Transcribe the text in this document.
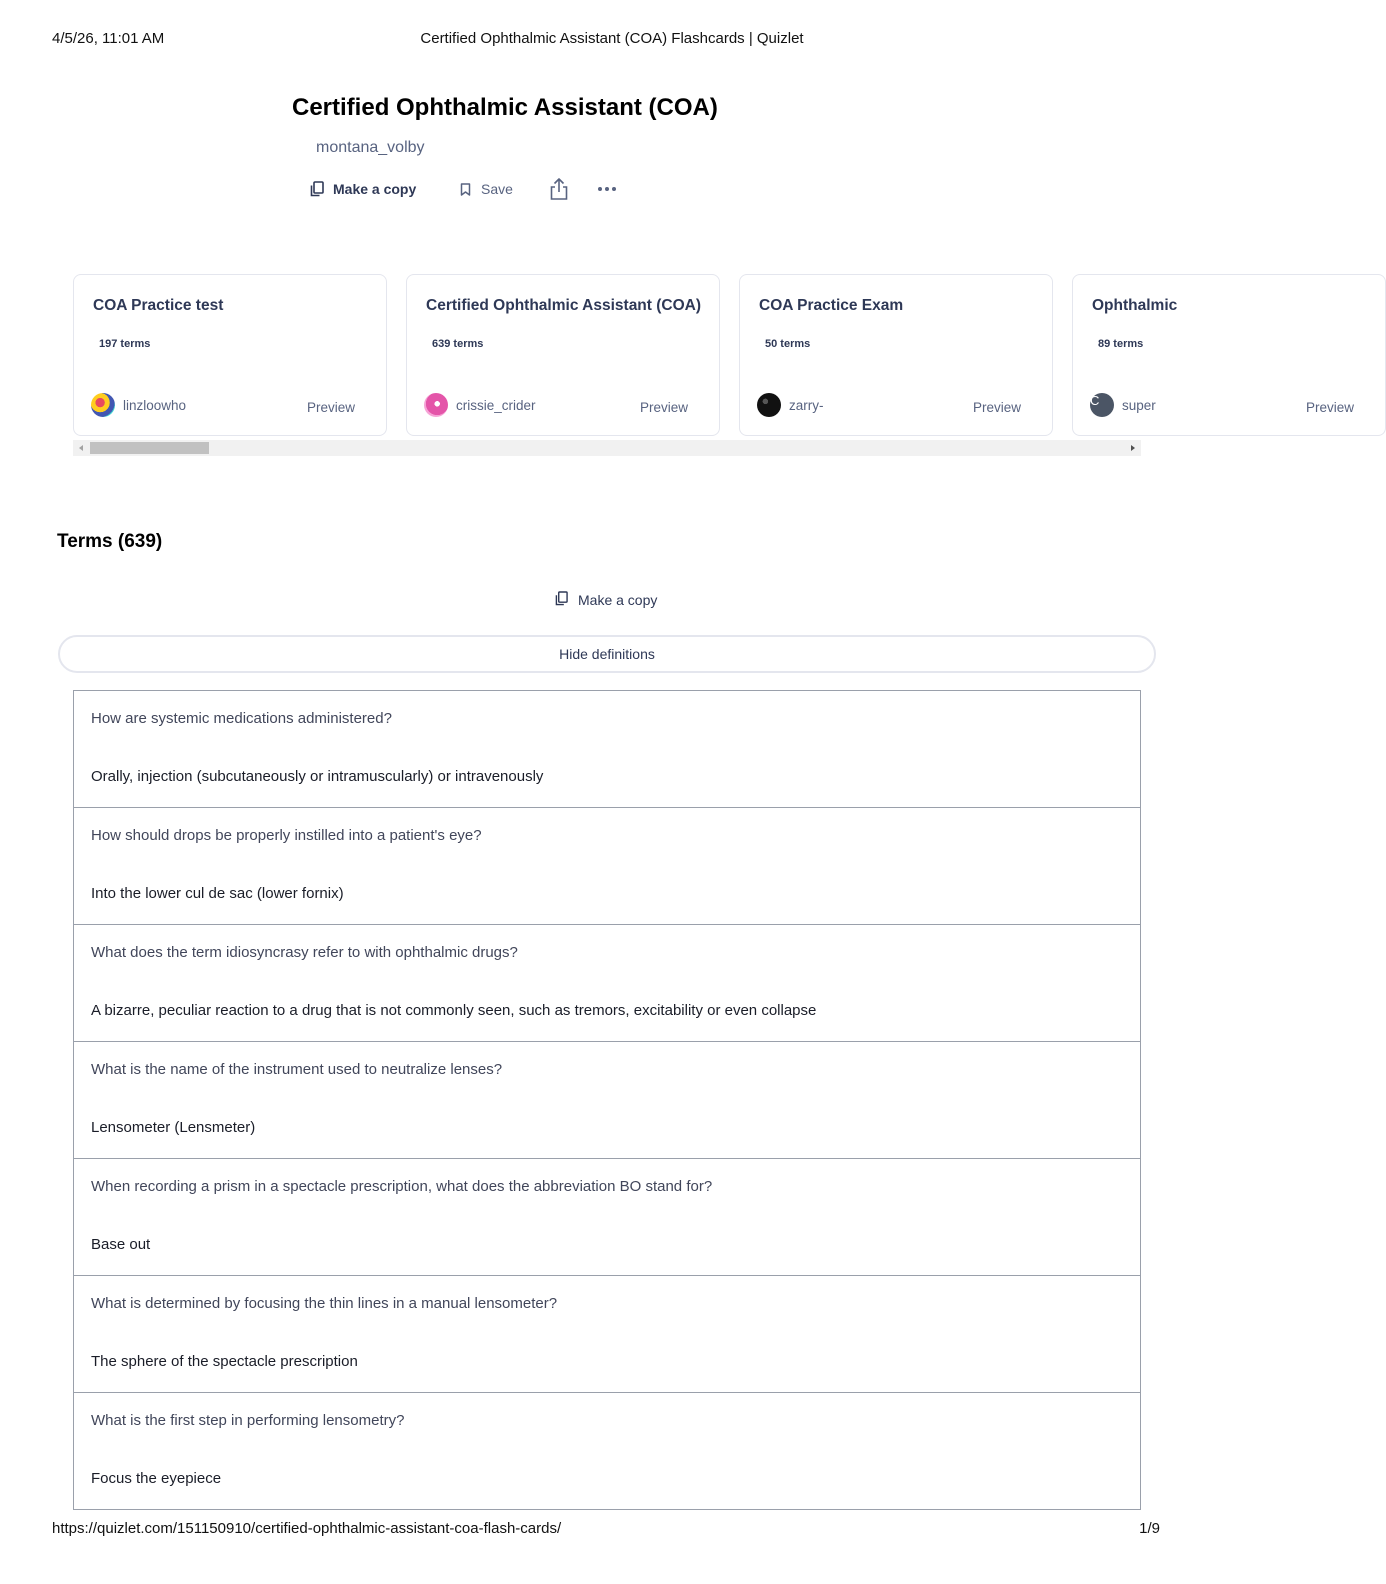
4/5/26, 11:01 AM	Certified Ophthalmic Assistant (COA) Flashcards | Quizlet
Certified Ophthalmic Assistant (COA)
montana_volby
Make a copy	Save
COA Practice test
197 terms
linzloowho	Preview
Certified Ophthalmic Assistant (COA)
639 terms
crissie_crider	Preview
COA Practice Exam
50 terms
zarry-	Preview
Ophthalmic
89 terms
C	super	Preview
Terms (639)
Make a copy
Hide definitions
How are systemic medications administered?
Orally, injection (subcutaneously or intramuscularly) or intravenously
How should drops be properly instilled into a patient's eye?
Into the lower cul de sac (lower fornix)
What does the term idiosyncrasy refer to with ophthalmic drugs?
A bizarre, peculiar reaction to a drug that is not commonly seen, such as tremors, excitability or even collapse
What is the name of the instrument used to neutralize lenses?
Lensometer (Lensmeter)
When recording a prism in a spectacle prescription, what does the abbreviation BO stand for?
Base out
What is determined by focusing the thin lines in a manual lensometer?
The sphere of the spectacle prescription
What is the first step in performing lensometry?
Focus the eyepiece
https://quizlet.com/151150910/certified-ophthalmic-assistant-coa-flash-cards/	1/9
